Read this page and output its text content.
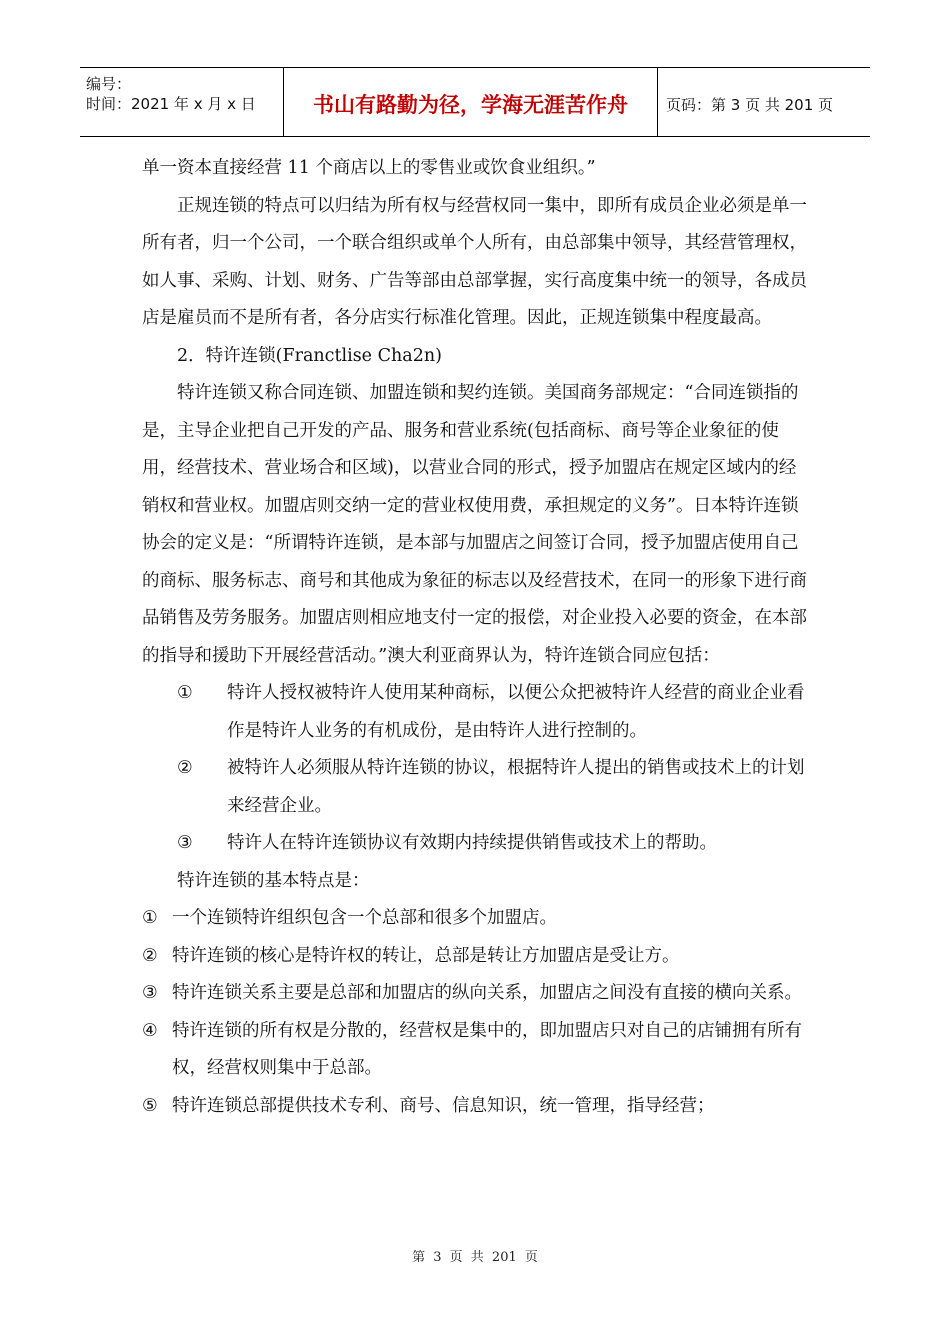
编号：
时间：2021 年 x 月 x 日	书山有路勤为径，学海无涯苦作舟	页码：第 3 页 共 201 页

单一资本直接经营 11 个商店以上的零售业或饮食业组织。”

正规连锁的特点可以归结为所有权与经营权同一集中，即所有成员企业必须是单一所有者，归一个公司，一个联合组织或单个人所有，由总部集中领导，其经营管理权，如人事、采购、计划、财务、广告等部由总部掌握，实行高度集中统一的领导，各成员店是雇员而不是所有者，各分店实行标准化管理。因此，正规连锁集中程度最高。

2．特许连锁(Franctlise Cha2n)

特许连锁又称合同连锁、加盟连锁和契约连锁。美国商务部规定：“合同连锁指的是，主导企业把自己开发的产品、服务和营业系统(包括商标、商号等企业象征的使用，经营技术、营业场合和区域)，以营业合同的形式，授予加盟店在规定区域内的经销权和营业权。加盟店则交纳一定的营业权使用费，承担规定的义务”。日本特许连锁协会的定义是：“所谓特许连锁，是本部与加盟店之间签订合同，授予加盟店使用自己的商标、服务标志、商号和其他成为象征的标志以及经营技术，在同一的形象下进行商品销售及劳务服务。加盟店则相应地支付一定的报偿，对企业投入必要的资金，在本部的指导和援助下开展经营活动。”澳大利亚商界认为，特许连锁合同应包括：

①	特许人授权被特许人使用某种商标，以便公众把被特许人经营的商业企业看作是特许人业务的有机成份，是由特许人进行控制的。
②	被特许人必须服从特许连锁的协议，根据特许人提出的销售或技术上的计划来经营企业。
③	特许人在特许连锁协议有效期内持续提供销售或技术上的帮助。

特许连锁的基本特点是：

① 一个连锁特许组织包含一个总部和很多个加盟店。
② 特许连锁的核心是特许权的转让，总部是转让方加盟店是受让方。
③ 特许连锁关系主要是总部和加盟店的纵向关系，加盟店之间没有直接的横向关系。
④ 特许连锁的所有权是分散的，经营权是集中的，即加盟店只对自己的店铺拥有所有权，经营权则集中于总部。
⑤ 特许连锁总部提供技术专利、商号、信息知识，统一管理，指导经营；
第 3 页 共 201 页
